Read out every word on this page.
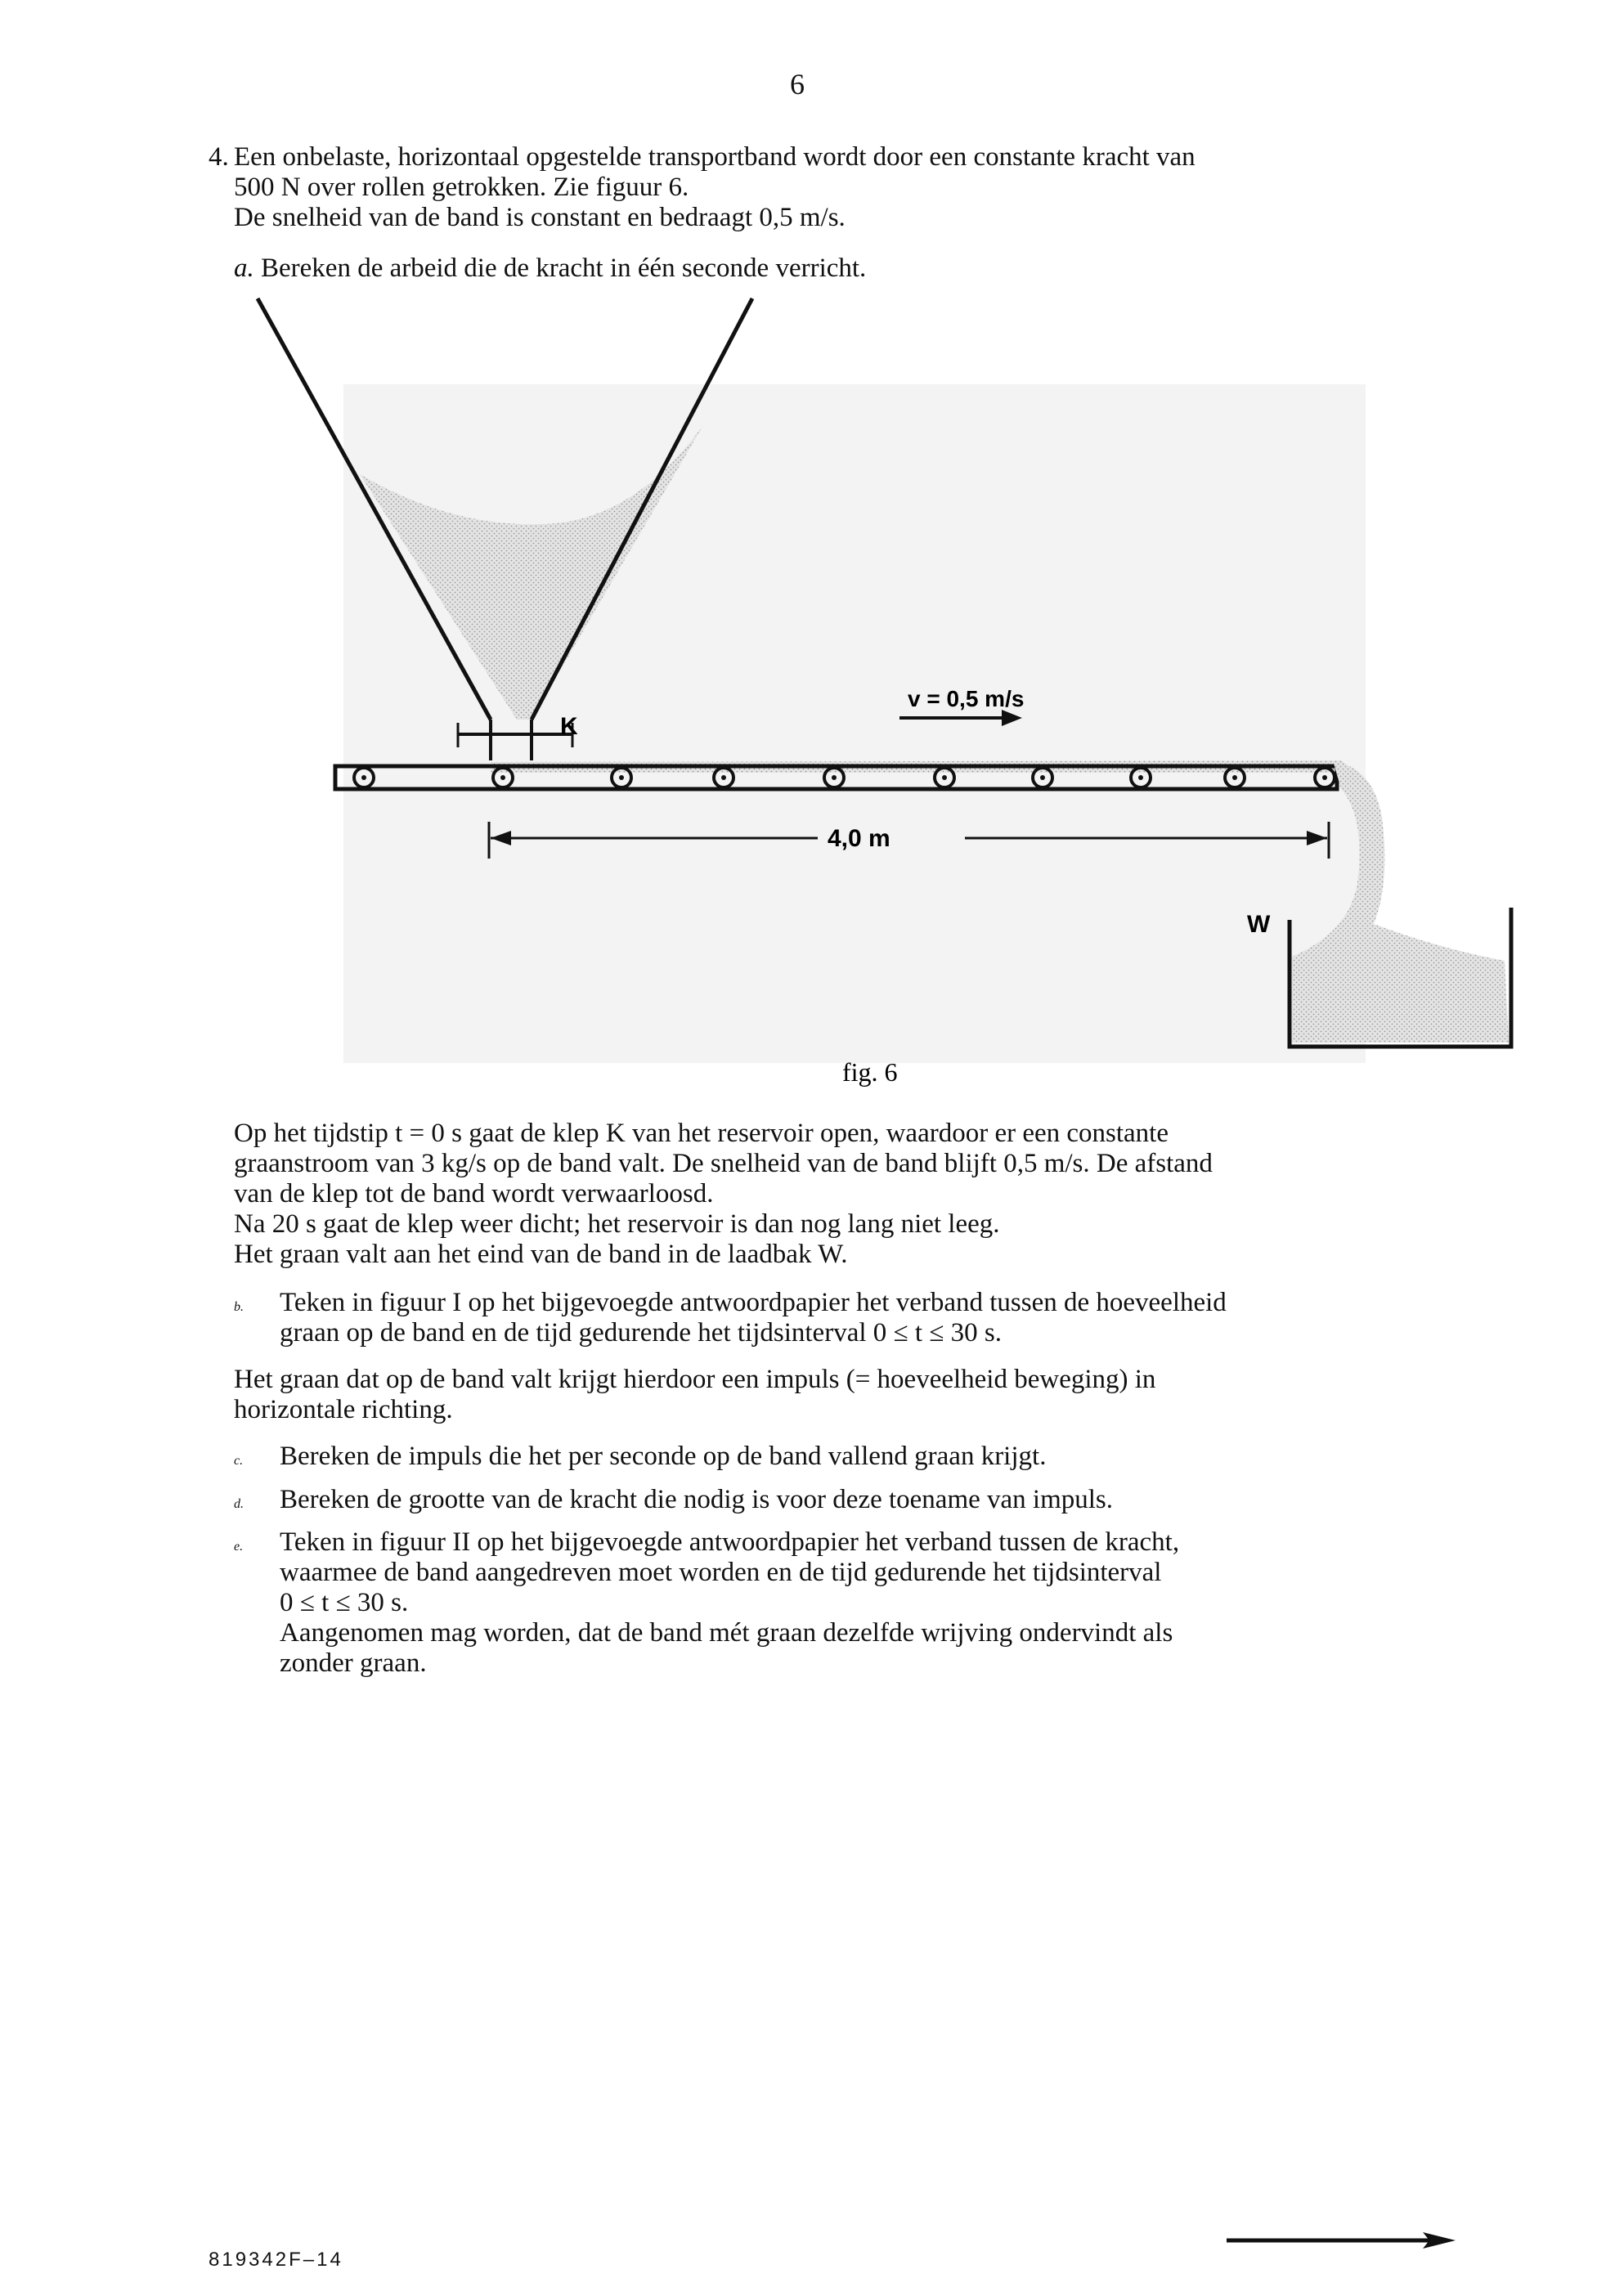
6
4. Een onbelaste, horizontaal opgestelde transportband wordt door een constante kracht van
500 N over rollen getrokken. Zie figuur 6.
De snelheid van de band is constant en bedraagt 0,5 m/s.
a. Bereken de arbeid die de kracht in één seconde verricht.
K
v = 0,5 m/s
4,0 m
W
fig. 6
Op het tijdstip t = 0 s gaat de klep K van het reservoir open, waardoor er een constante
graanstroom van 3 kg/s op de band valt. De snelheid van de band blijft 0,5 m/s. De afstand
van de klep tot de band wordt verwaarloosd.
Na 20 s gaat de klep weer dicht; het reservoir is dan nog lang niet leeg.
Het graan valt aan het eind van de band in de laadbak W.
b. Teken in figuur I op het bijgevoegde antwoordpapier het verband tussen de hoeveelheid
graan op de band en de tijd gedurende het tijdsinterval 0 ≤ t ≤ 30 s.
Het graan dat op de band valt krijgt hierdoor een impuls (= hoeveelheid beweging) in
horizontale richting.
c. Bereken de impuls die het per seconde op de band vallend graan krijgt.
d. Bereken de grootte van de kracht die nodig is voor deze toename van impuls.
e. Teken in figuur II op het bijgevoegde antwoordpapier het verband tussen de kracht,
waarmee de band aangedreven moet worden en de tijd gedurende het tijdsinterval
0 ≤ t ≤ 30 s.
Aangenomen mag worden, dat de band mét graan dezelfde wrijving ondervindt als
zonder graan.
819342F–14
